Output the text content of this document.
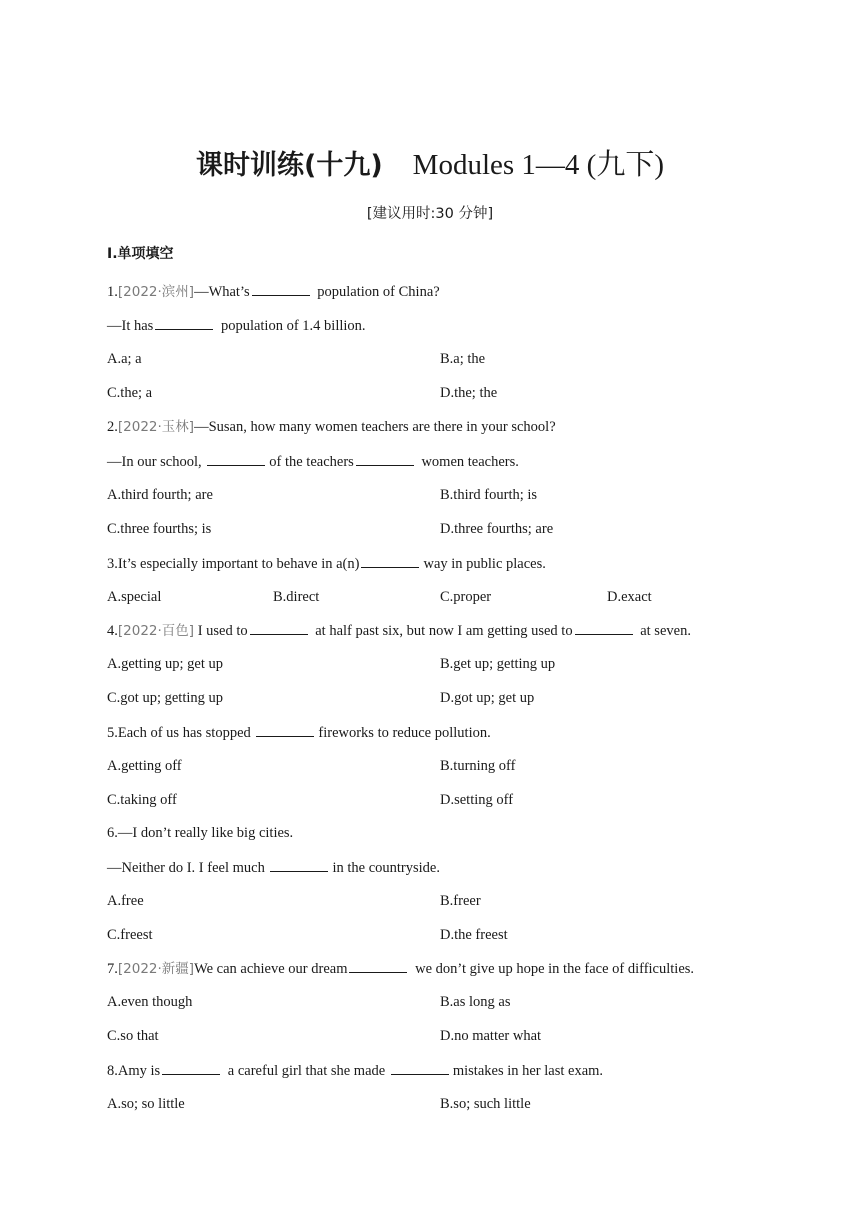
课时训练(十九) Modules 1—4 (九下)
[建议用时:30 分钟]
Ⅰ.单项填空
1.[2022·滨州]—What’s	population of China?
—It has	population of 1.4 billion.
A.a; a	B.a; the
C.the; a	D.the; the
2.[2022·玉林]—Susan, how many women teachers are there in your school?
—In our school,	of the teachers	women teachers.
A.third fourth; are	B.third fourth; is
C.three fourths; is	D.three fourths; are
3.It’s especially important to behave in a(n)	way in public places.
A.special	B.direct	C.proper	D.exact
4.[2022·百色] I used to	at half past six, but now I am getting used to	at seven.
A.getting up; get up	B.get up; getting up
C.got up; getting up	D.got up; get up
5.Each of us has stopped	fireworks to reduce pollution.
A.getting off	B.turning off
C.taking off	D.setting off
6.—I don’t really like big cities.
—Neither do I. I feel much	in the countryside.
A.free	B.freer
C.freest	D.the freest
7.[2022·新疆]We can achieve our dream	we don’t give up hope in the face of difficulties.
A.even though	B.as long as
C.so that	D.no matter what
8.Amy is	a careful girl that she made	mistakes in her last exam.
A.so; so little	B.so; such little
